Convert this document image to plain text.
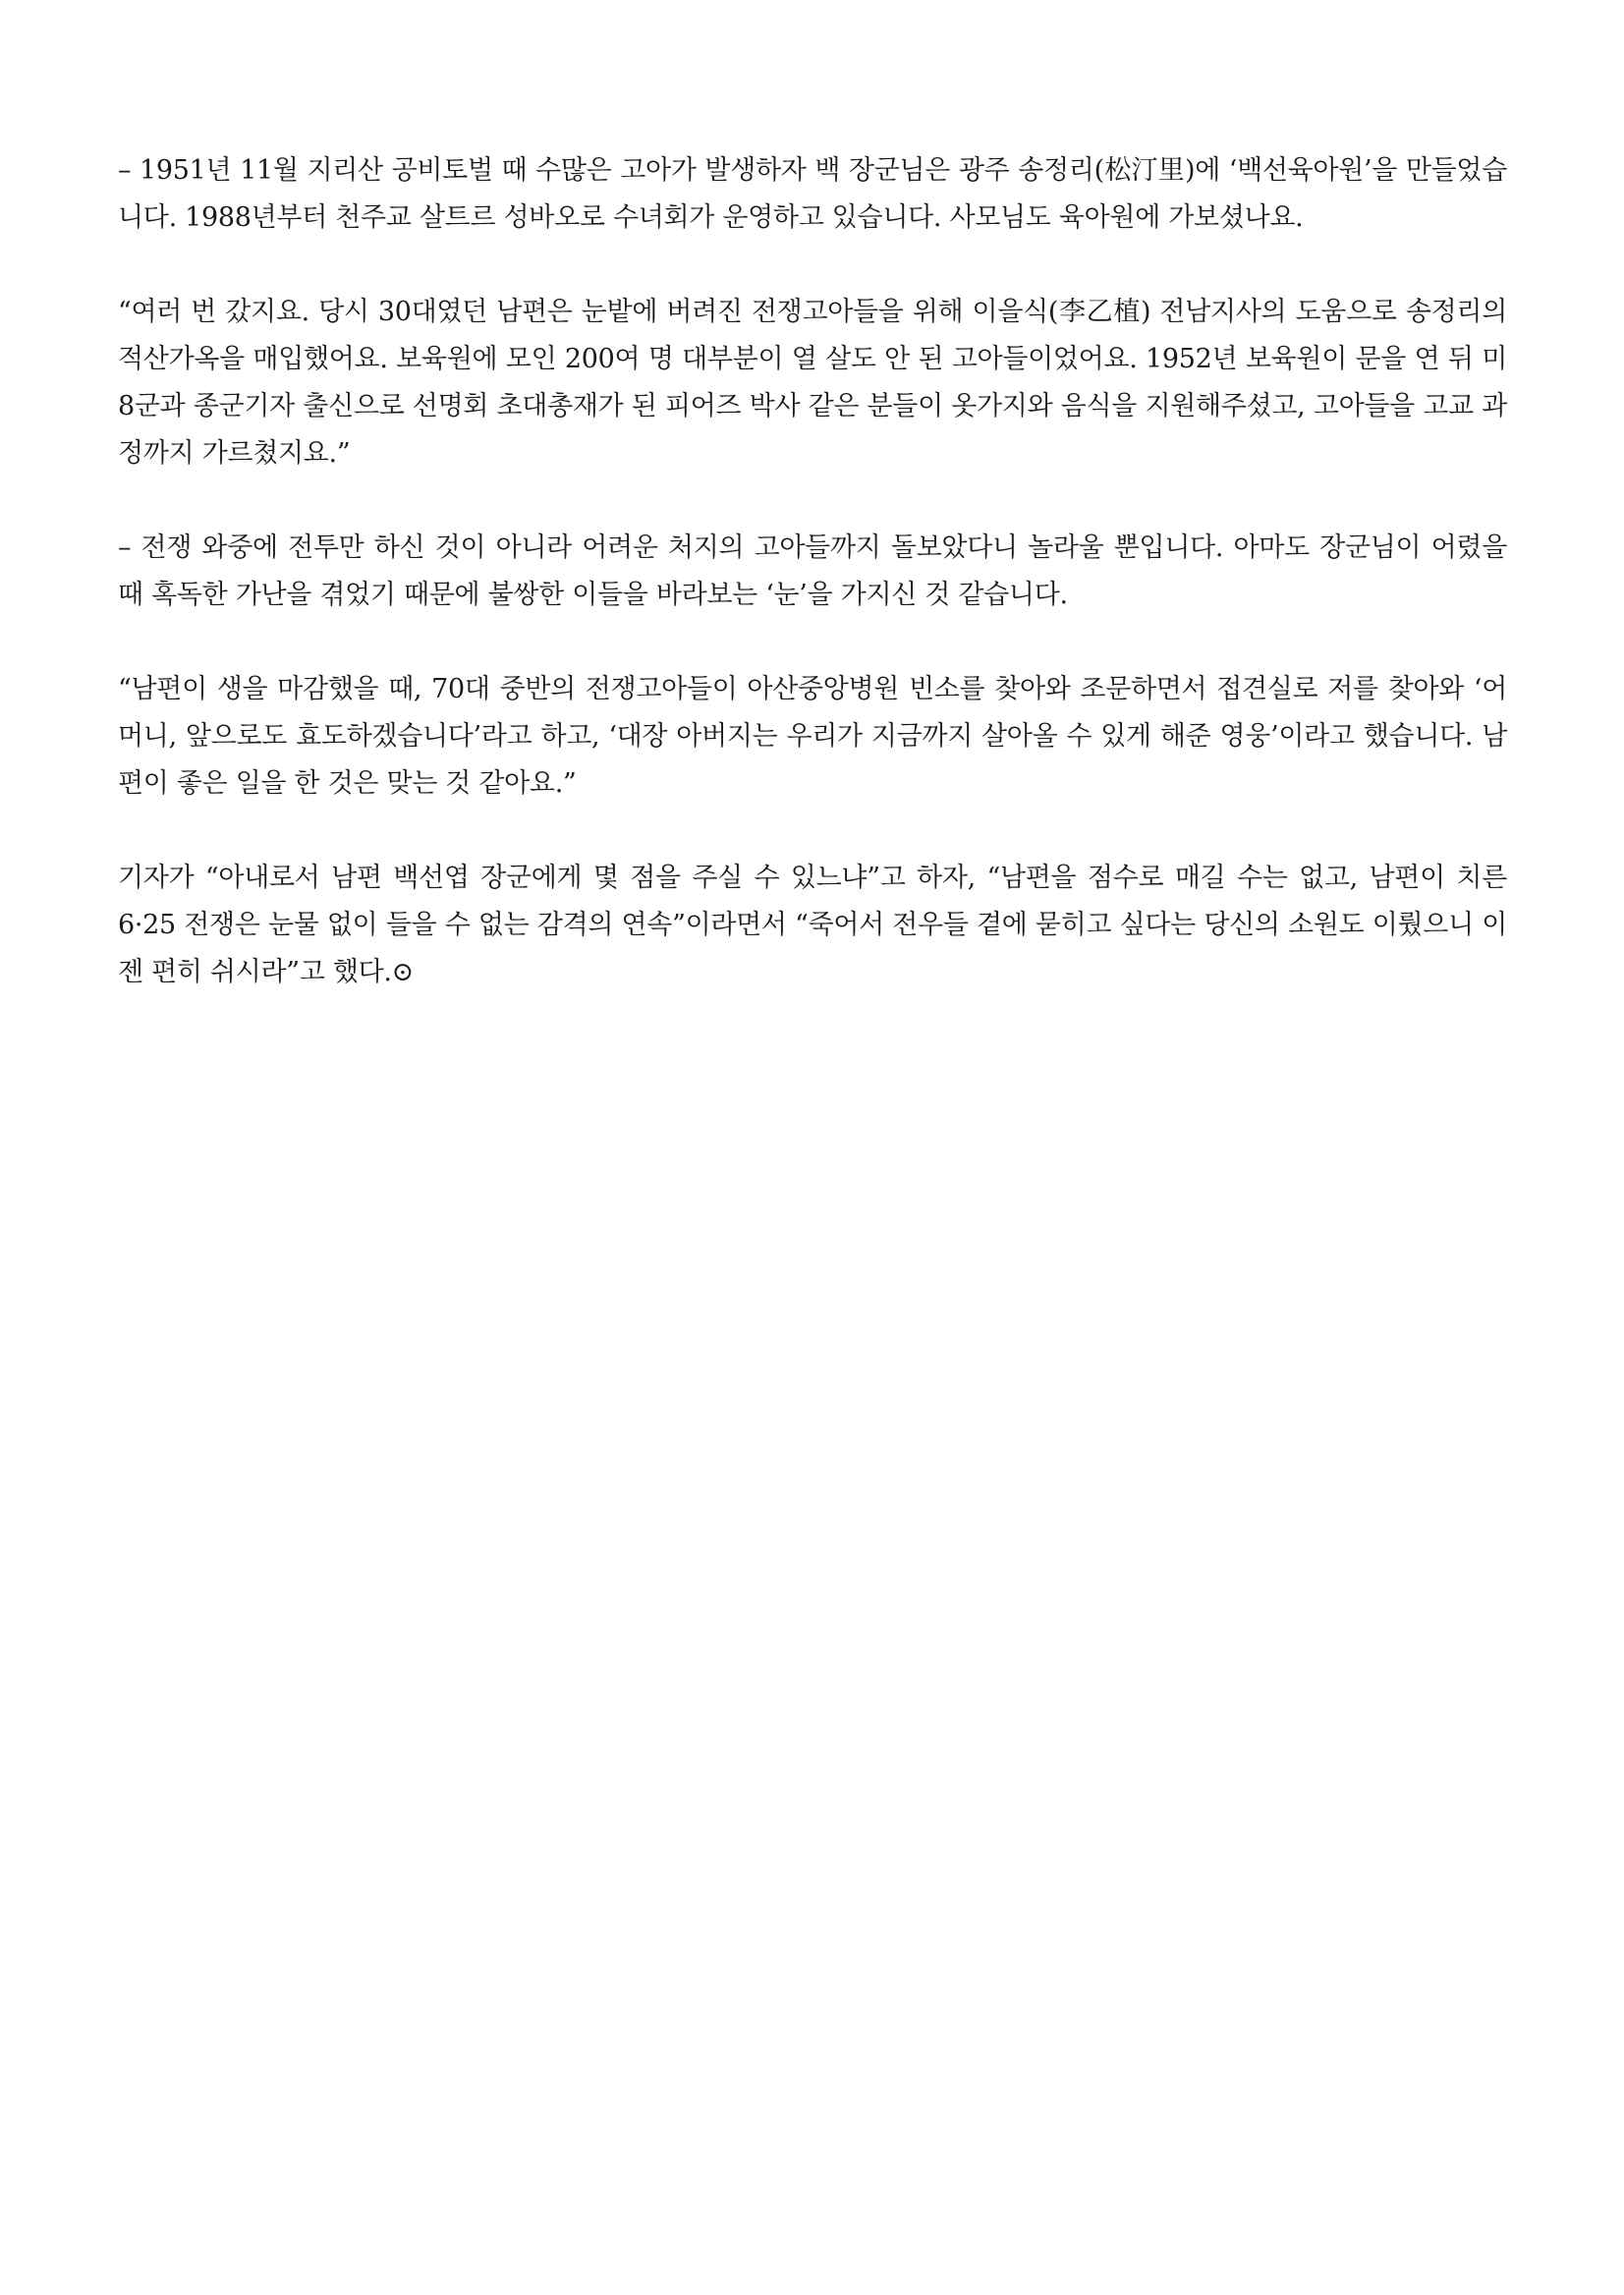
– 1951년 11월 지리산 공비토벌 때 수많은 고아가 발생하자 백 장군님은 광주 송정리(松汀里)에 ‘백선육아원’을 만들었습니다. 1988년부터 천주교 살트르 성바오로 수녀회가 운영하고 있습니다. 사모님도 육아원에 가보셨나요.

“여러 번 갔지요. 당시 30대였던 남편은 눈밭에 버려진 전쟁고아들을 위해 이을식(李乙植) 전남지사의 도움으로 송정리의 적산가옥을 매입했어요. 보육원에 모인 200여 명 대부분이 열 살도 안 된 고아들이었어요. 1952년 보육원이 문을 연 뒤 미 8군과 종군기자 출신으로 선명회 초대총재가 된 피어즈 박사 같은 분들이 옷가지와 음식을 지원해주셨고, 고아들을 고교 과정까지 가르쳤지요.”

– 전쟁 와중에 전투만 하신 것이 아니라 어려운 처지의 고아들까지 돌보았다니 놀라울 뿐입니다. 아마도 장군님이 어렸을 때 혹독한 가난을 겪었기 때문에 불쌍한 이들을 바라보는 ‘눈’을 가지신 것 같습니다.

“남편이 생을 마감했을 때, 70대 중반의 전쟁고아들이 아산중앙병원 빈소를 찾아와 조문하면서 접견실로 저를 찾아와 ‘어머니, 앞으로도 효도하겠습니다’라고 하고, ‘대장 아버지는 우리가 지금까지 살아올 수 있게 해준 영웅’이라고 했습니다. 남편이 좋은 일을 한 것은 맞는 것 같아요.”

기자가 “아내로서 남편 백선엽 장군에게 몇 점을 주실 수 있느냐”고 하자, “남편을 점수로 매길 수는 없고, 남편이 치른 6·25 전쟁은 눈물 없이 들을 수 없는 감격의 연속”이라면서 “죽어서 전우들 곁에 묻히고 싶다는 당신의 소원도 이뤘으니 이젠 편히 쉬시라”고 했다.⊙
